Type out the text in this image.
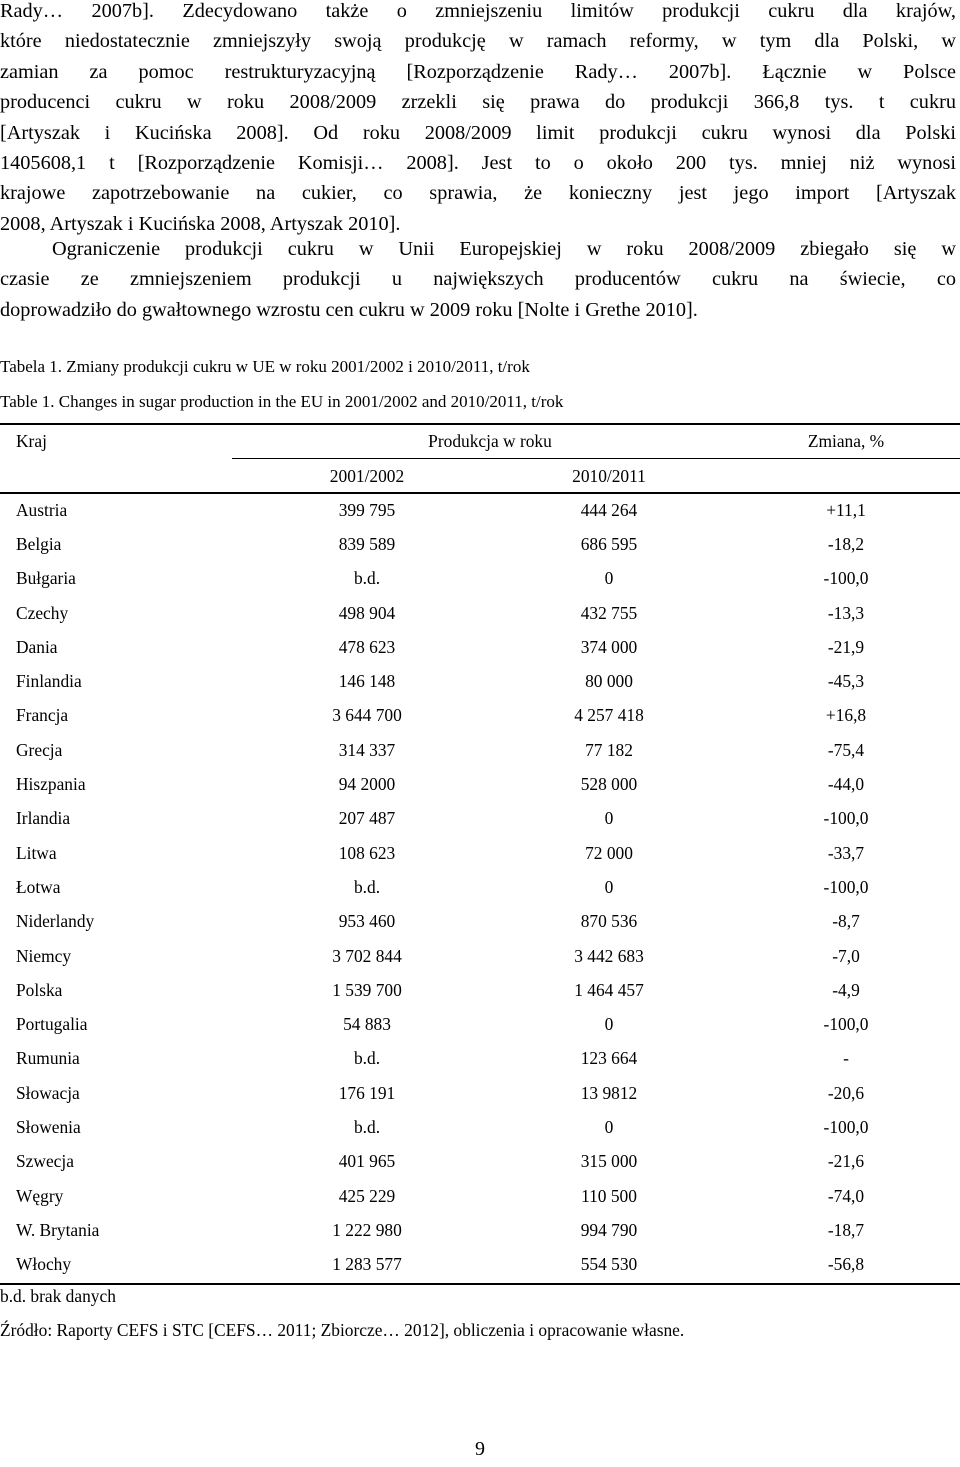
Rady… 2007b]. Zdecydowano także o zmniejszeniu limitów produkcji cukru dla krajów,
które niedostatecznie zmniejszyły swoją produkcję w ramach reformy, w tym dla Polski, w
zamian za pomoc restrukturyzacyjną [Rozporządzenie Rady… 2007b]. Łącznie w Polsce
producenci cukru w roku 2008/2009 zrzekli się prawa do produkcji 366,8 tys. t cukru
[Artyszak i Kucińska 2008]. Od roku 2008/2009 limit produkcji cukru wynosi dla Polski
1405608,1 t [Rozporządzenie Komisji… 2008]. Jest to o około 200 tys. mniej niż wynosi
krajowe zapotrzebowanie na cukier, co sprawia, że konieczny jest jego import [Artyszak
2008, Artyszak i Kucińska 2008, Artyszak 2010].
Ograniczenie produkcji cukru w Unii Europejskiej w roku 2008/2009 zbiegało się w
czasie ze zmniejszeniem produkcji u największych producentów cukru na świecie, co
doprowadziło do gwałtownego wzrostu cen cukru w 2009 roku [Nolte i Grethe 2010].
Tabela 1. Zmiany produkcji cukru w UE w roku 2001/2002 i 2010/2011, t/rok
Table 1. Changes in sugar production in the EU in 2001/2002 and 2010/2011, t/rok
Kraj	Produkcja w roku		Zmiana, %
	2001/2002	2010/2011	
Austria	399 795	444 264	+11,1
Belgia	839 589	686 595	-18,2
Bułgaria	b.d.	0	-100,0
Czechy	498 904	432 755	-13,3
Dania	478 623	374 000	-21,9
Finlandia	146 148	80 000	-45,3
Francja	3 644 700	4 257 418	+16,8
Grecja	314 337	77 182	-75,4
Hiszpania	94 2000	528 000	-44,0
Irlandia	207 487	0	-100,0
Litwa	108 623	72 000	-33,7
Łotwa	b.d.	0	-100,0
Niderlandy	953 460	870 536	-8,7
Niemcy	3 702 844	3 442 683	-7,0
Polska	1 539 700	1 464 457	-4,9
Portugalia	54 883	0	-100,0
Rumunia	b.d.	123 664	-
Słowacja	176 191	13 9812	-20,6
Słowenia	b.d.	0	-100,0
Szwecja	401 965	315 000	-21,6
Węgry	425 229	110 500	-74,0
W. Brytania	1 222 980	994 790	-18,7
Włochy	1 283 577	554 530	-56,8
b.d. brak danych
Źródło: Raporty CEFS i STC [CEFS… 2011; Zbiorcze… 2012], obliczenia i opracowanie własne.
9
